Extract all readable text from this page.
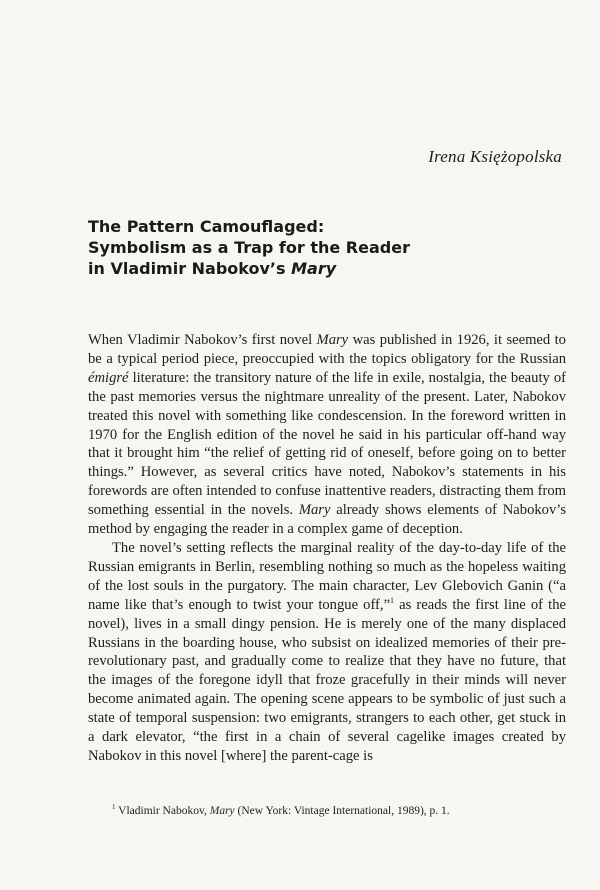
Irena Księżopolska
The Pattern Camouflaged:
Symbolism as a Trap for the Reader
in Vladimir Nabokov’s Mary

When Vladimir Nabokov’s first novel Mary was published in 1926, it seemed to be a typical period piece, preoccupied with the topics obligatory for the Russian émigré literature: the transitory nature of the life in exile, nostalgia, the beauty of the past memories versus the nightmare unreality of the present. Later, Nabokov treated this novel with something like condescension. In the foreword written in 1970 for the English edition of the novel he said in his particular off-hand way that it brought him “the relief of getting rid of oneself, before going on to better things.” However, as several critics have noted, Nabokov’s statements in his forewords are often intended to confuse inattentive readers, distracting them from something essential in the novels. Mary already shows elements of Nabokov’s method by engaging the reader in a complex game of deception.

The novel’s setting reflects the marginal reality of the day-to-day life of the Russian emigrants in Berlin, resembling nothing so much as the hopeless waiting of the lost souls in the purgatory. The main character, Lev Glebovich Ganin (“a name like that’s enough to twist your tongue off,”$^1$ as reads the first line of the novel), lives in a small dingy pension. He is merely one of the many displaced Russians in the boarding house, who subsist on idealized memories of their pre-revolutionary past, and gradually come to realize that they have no future, that the images of the foregone idyll that froze gracefully in their minds will never become animated again. The opening scene appears to be symbolic of just such a state of temporal suspension: two emigrants, strangers to each other, get stuck in a dark elevator, “the first in a chain of several cagelike images created by Nabokov in this novel [where] the parent-cage is

$^1$ Vladimir Nabokov, Mary (New York: Vintage International, 1989), p. 1.
